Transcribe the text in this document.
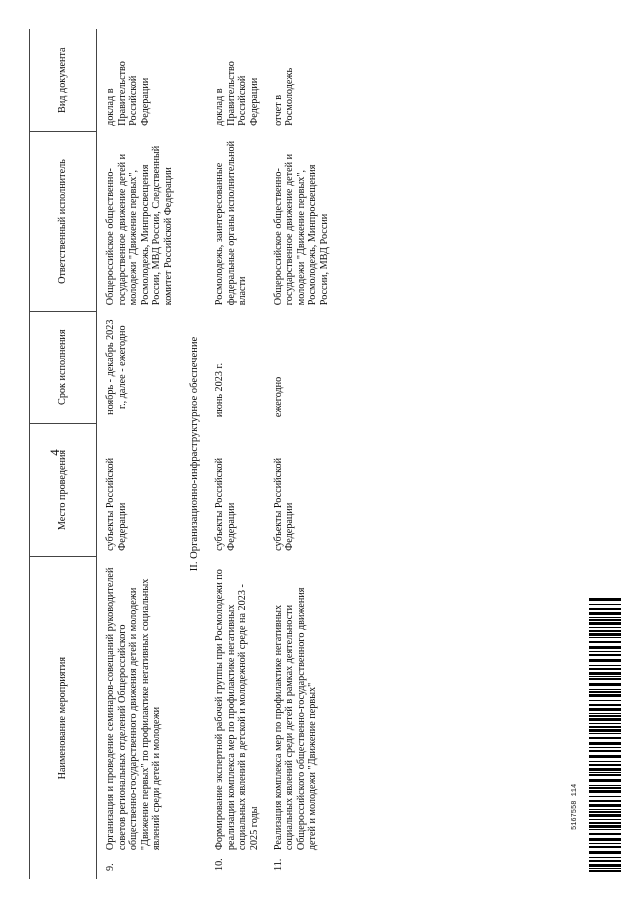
4
Наименование мероприятия		Место проведения	Срок исполнения	Ответственный исполнитель	Вид документа
9.	Организация и проведение семинаров-совещаний руководителей советов региональных отделений Общероссийского общественно-государственного движения детей и молодежи "Движение первых" по профилактике негативных социальных явлений среди детей и молодежи	субъекты Российской Федерации	ноябрь - декабрь 2023 г., далее - ежегодно	Общероссийское общественно-государственное движение детей и молодежи "Движение первых", Росмолодежь, Минпросвещения России, МВД России, Следственный комитет Российской Федерации	доклад в Правительство Российской Федерации
II. Организационно-инфраструктурное обеспечение					
10.	Формирование экспертной рабочей группы при Росмолодежи по реализации комплекса мер по профилактике негативных социальных явлений в детской и молодежной среде на 2023 - 2025 годы	субъекты Российской Федерации	июнь 2023 г.	Росмолодежь, заинтересованные федеральные органы исполнительной власти	доклад в Правительство Российской Федерации
11.	Реализация комплекса мер по профилактике негативных социальных явлений среди детей в рамках деятельности Общероссийского общественно-государственного движения детей и молодежи "Движение первых"	субъекты Российской Федерации	ежегодно	Общероссийское общественно-государственное движение детей и молодежи "Движение первых", Росмолодежь, Минпросвещения России, МВД России	отчет в Росмолодежь
5167558 114
